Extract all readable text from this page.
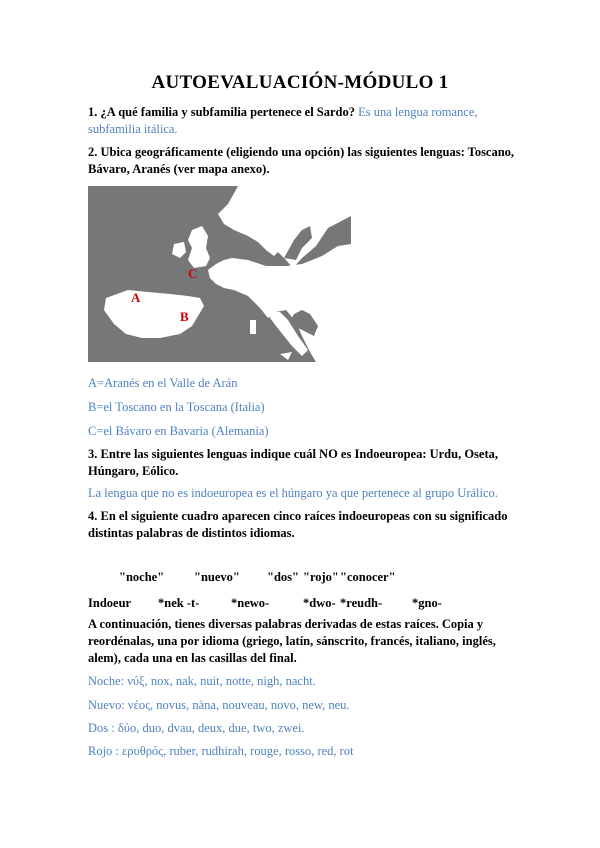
AUTOEVALUACIÓN-MÓDULO 1
1. ¿A qué familia y subfamilia pertenece el Sardo? Es una lengua romance,
subfamilia itálica.
2. Ubica geográficamente (eligiendo una opción) las siguientes lenguas: Toscano,
Bávaro, Aranés (ver mapa anexo).
A
B
C
A=Aranés en el Valle de Arán
B=el Toscano en la Toscana (Italia)
C=el Bávaro en Bavaria (Alemania)
3. Entre las siguientes lenguas indique cuál NO es Indoeuropea: Urdu, Oseta,
Húngaro, Eólico.
La lengua que no es indoeuropea es el húngaro ya que pertenece al grupo Urálico.
4. En el siguiente cuadro aparecen cinco raíces indoeuropeas con su significado
distintas palabras de distintos idiomas.
"noche" "nuevo" "dos" "rojo" "conocer"
Indoeur *nek -t-	*newo-	*dwo- *reudh- *gno-
A continuación, tienes diversas palabras derivadas de estas raíces. Copia y
reordénalas, una por idioma (griego, latín, sánscrito, francés, italiano, inglés,
alem), cada una en las casillas del final.
Noche: νύξ, nox, nak, nuit, notte, nigh, nacht.
Nuevo: νέος, novus, nàna, nouveau, novo, new, neu.
Dos : δύο, duo, dvau, deux, due, two, zwei.
Rojo : ερυθρός, ruber, rudhirah, rouge, rosso, red, rot
